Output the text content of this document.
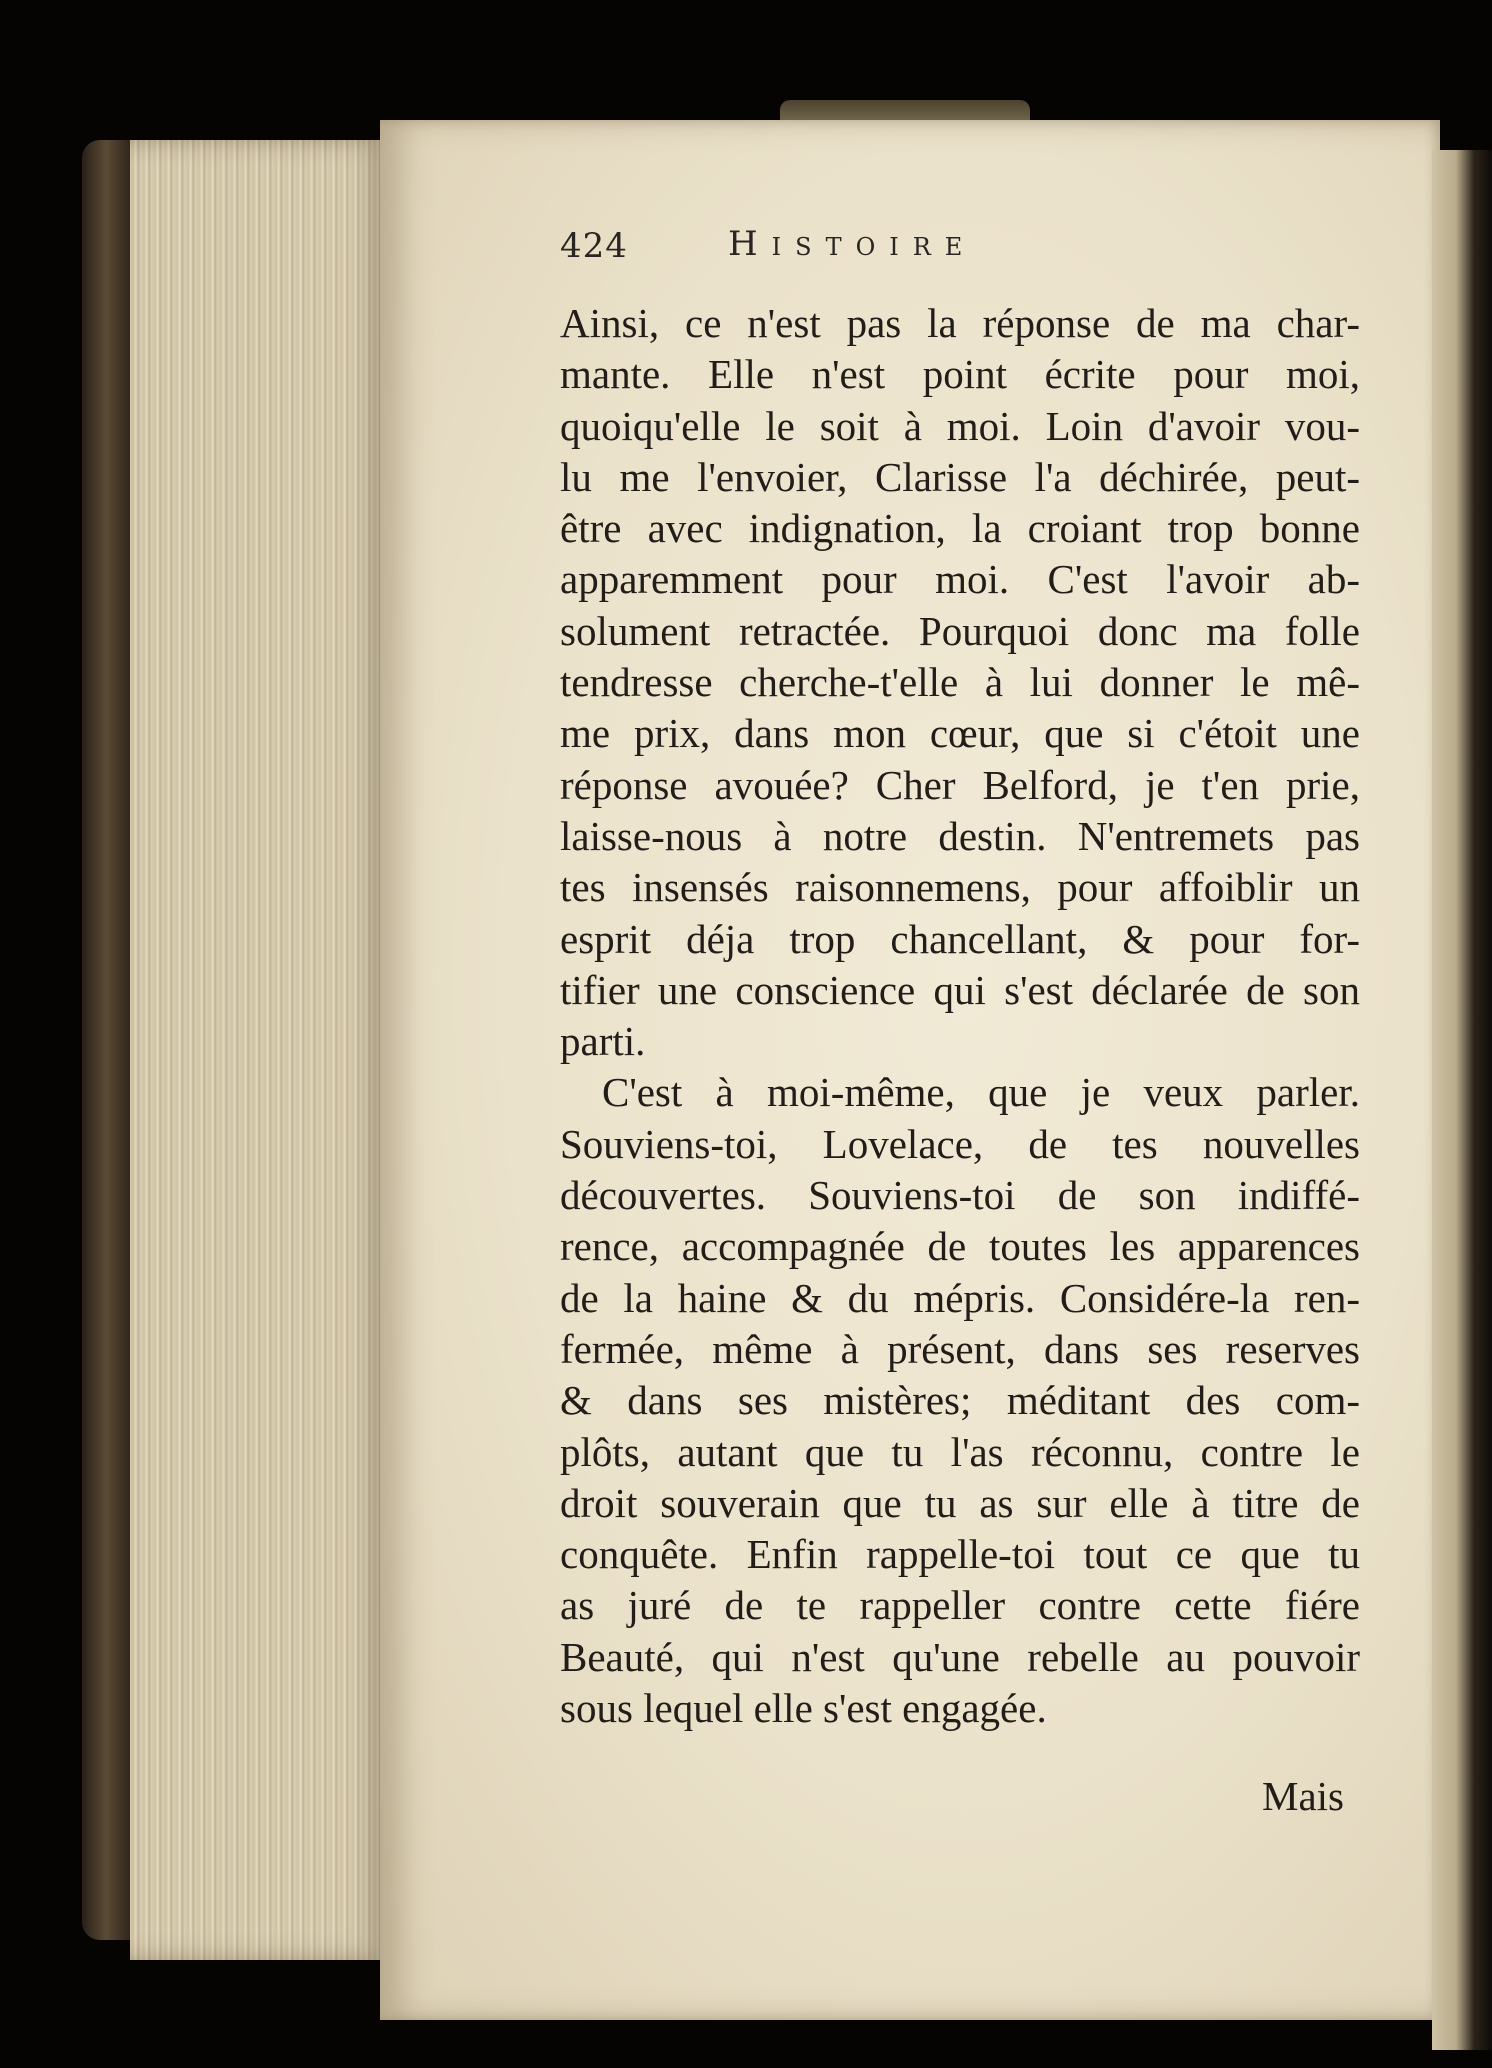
424	Histoire
Ainsi, ce n'est pas la réponse de ma char-
mante. Elle n'est point écrite pour moi,
quoiqu'elle le soit à moi. Loin d'avoir vou-
lu me l'envoier, Clarisse l'a déchirée, peut-
être avec indignation, la croiant trop bonne
apparemment pour moi. C'est l'avoir ab-
solument retractée. Pourquoi donc ma folle
tendresse cherche-t'elle à lui donner le mê-
me prix, dans mon cœur, que si c'étoit une
réponse avouée? Cher Belford, je t'en prie,
laisse-nous à notre destin. N'entremets pas
tes insensés raisonnemens, pour affoiblir un
esprit déja trop chancellant, & pour for-
tifier une conscience qui s'est déclarée de son
parti.
C'est à moi-même, que je veux parler.
Souviens-toi, Lovelace, de tes nouvelles
découvertes. Souviens-toi de son indiffé-
rence, accompagnée de toutes les apparences
de la haine & du mépris. Considére-la ren-
fermée, même à présent, dans ses reserves
& dans ses mistères; méditant des com-
plôts, autant que tu l'as réconnu, contre le
droit souverain que tu as sur elle à titre de
conquête. Enfin rappelle-toi tout ce que tu
as juré de te rappeller contre cette fiére
Beauté, qui n'est qu'une rebelle au pouvoir
sous lequel elle s'est engagée.
Mais
